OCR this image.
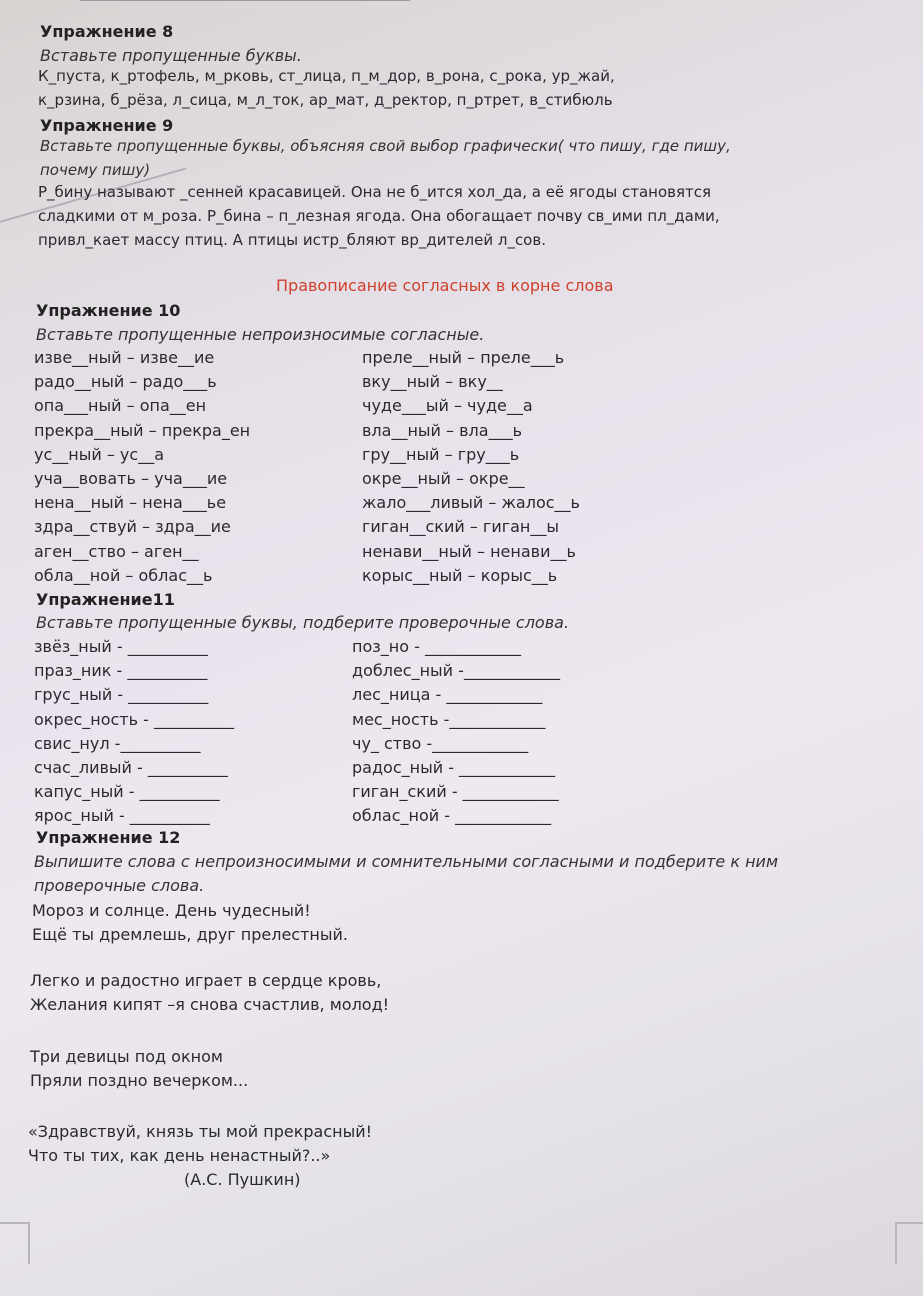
Упражнение 8
Вставьте пропущенные буквы.
К_пуста, к_ртофель, м_рковь, ст_лица, п_м_дор, в_рона, с_рока, ур_жай,
к_рзина, б_рёза, л_сица, м_л_ток, ар_мат, д_ректор, п_ртрет, в_стибюль
Упражнение 9
Вставьте пропущенные буквы, объясняя свой выбор графически( что пишу, где пишу,
почему пишу)
Р_бину называют _сенней красавицей. Она не б_ится хол_да, а её ягоды становятся
сладкими от м_роза. Р_бина – п_лезная ягода. Она обогащает почву св_ими пл_дами,
привл_кает массу птиц. А птицы истр_бляют вр_дителей л_сов.
Правописание согласных в корне слова
Упражнение 10
Вставьте пропущенные непроизносимые согласные.
изве__ный – изве__ие
радо__ный – радо___ь
опа___ный – опа__ен
прекра__ный – прекра_ен
ус__ный – ус__а
уча__вовать – уча___ие
нена__ный – нена___ье
здра__ствуй – здра__ие
аген__ство – аген__
обла__ной – облас__ь
преле__ный – преле___ь
вку__ный – вку__
чуде___ый – чуде__а
вла__ный – вла___ь
гру__ный – гру___ь
окре__ный – окре__
жало___ливый – жалос__ь
гиган__ский – гиган__ы
ненави__ный – ненави__ь
корыс__ный – корыс__ь
Упражнение11
Вставьте пропущенные буквы, подберите проверочные слова.
звёз_ный - __________
праз_ник - __________
грус_ный - __________
окрес_ность - __________
свис_нул -__________
счас_ливый - __________
капус_ный - __________
ярос_ный - __________
поз_но - ____________
доблес_ный -____________
лес_ница - ____________
мес_ность -____________
чу_ ство -____________
радос_ный - ____________
гиган_ский - ____________
облас_ной - ____________
Упражнение 12
Выпишите слова с непроизносимыми и сомнительными согласными и подберите к ним
проверочные слова.
Мороз и солнце. День чудесный!
Ещё ты дремлешь, друг прелестный.
Легко и радостно играет в сердце кровь,
Желания кипят –я снова счастлив, молод!
Три девицы под окном
Пряли поздно вечерком...
«Здравствуй, князь ты мой прекрасный!
Что ты тих, как день ненастный?..»
(А.С. Пушкин)
